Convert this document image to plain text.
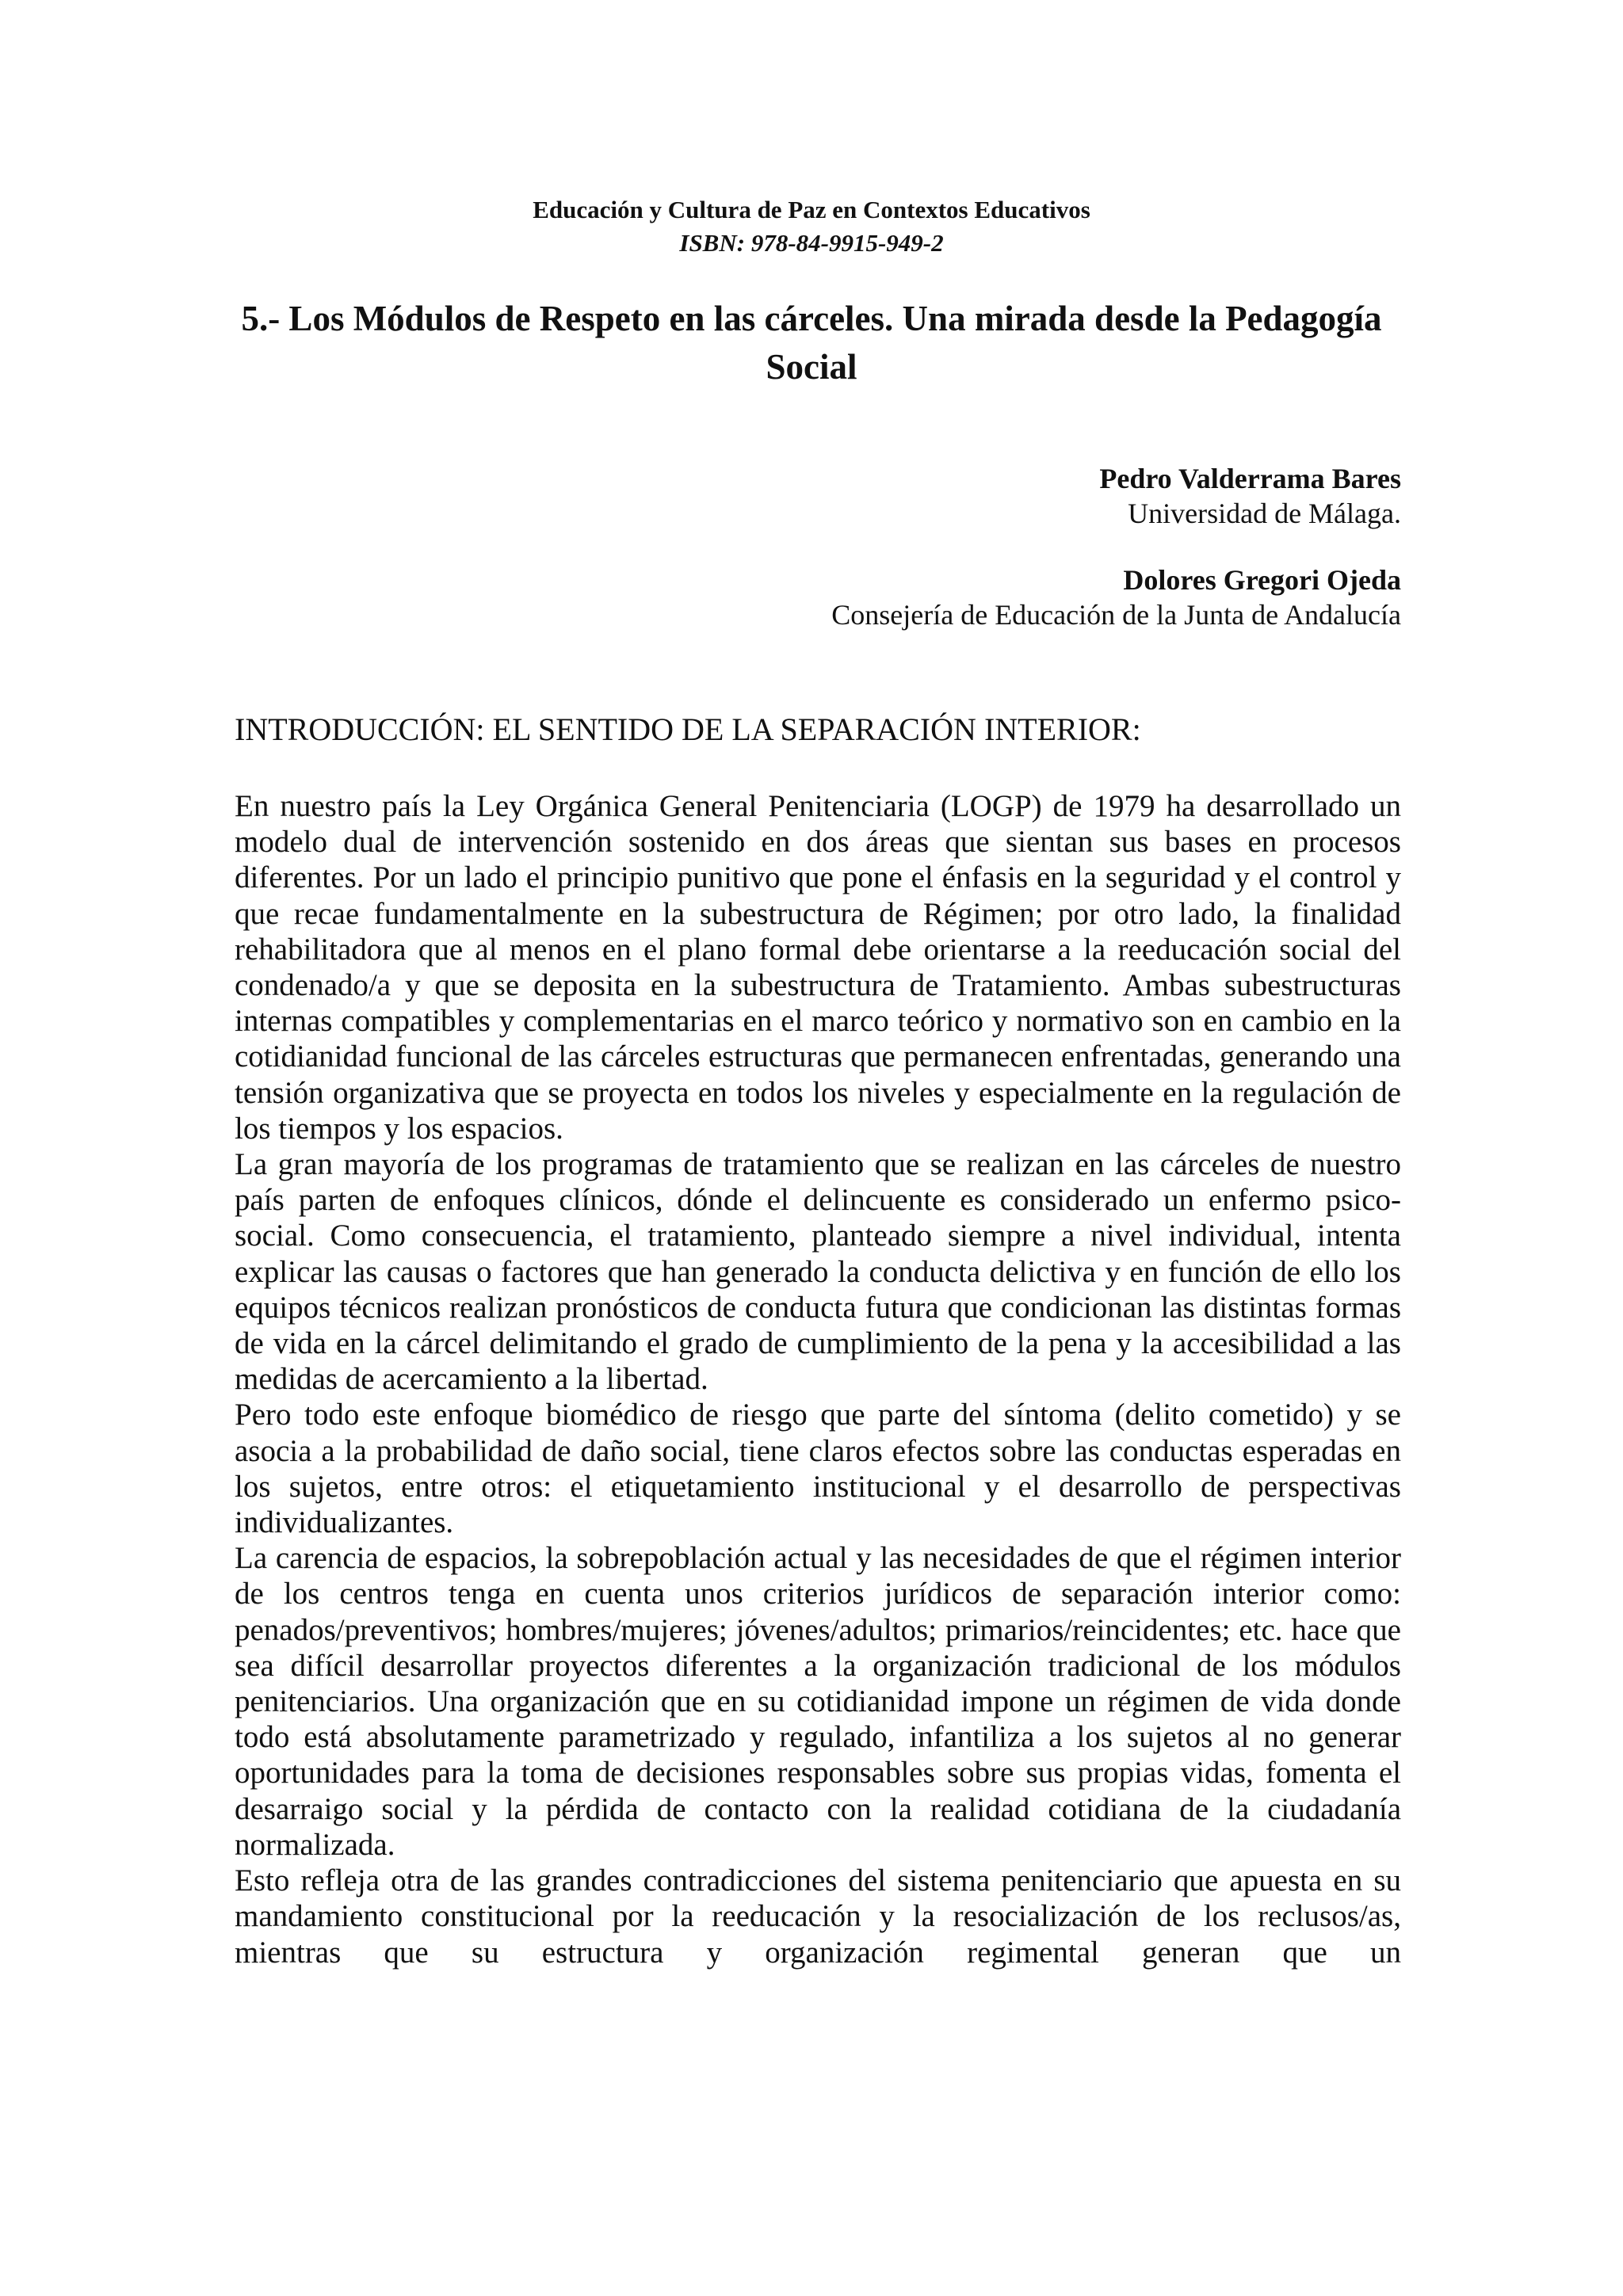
Educación y Cultura de Paz en Contextos Educativos
ISBN: 978-84-9915-949-2
5.- Los Módulos de Respeto en las cárceles. Una mirada desde la Pedagogía Social
Pedro Valderrama Bares
Universidad de Málaga.
Dolores Gregori Ojeda
Consejería de Educación de la Junta de Andalucía
INTRODUCCIÓN: EL SENTIDO DE LA SEPARACIÓN INTERIOR:

En nuestro país la Ley Orgánica General Penitenciaria (LOGP) de 1979 ha desarrollado un modelo dual de intervención sostenido en dos áreas que sientan sus bases en procesos diferentes. Por un lado el principio punitivo que pone el énfasis en la seguridad y el control y que recae fundamentalmente en la subestructura de Régimen; por otro lado, la finalidad rehabilitadora que al menos en el plano formal debe orientarse a la reeducación social del condenado/a y que se deposita en la subestructura de Tratamiento. Ambas subestructuras internas compatibles y complementarias en el marco teórico y normativo son en cambio en la cotidianidad funcional de las cárceles estructuras que permanecen enfrentadas, generando una tensión organizativa que se proyecta en todos los niveles y especialmente en la regulación de los tiempos y los espacios.

La gran mayoría de los programas de tratamiento que se realizan en las cárceles de nuestro país parten de enfoques clínicos, dónde el delincuente es considerado un enfermo psico-social. Como consecuencia, el tratamiento, planteado siempre a nivel individual, intenta explicar las causas o factores que han generado la conducta delictiva y en función de ello los equipos técnicos realizan pronósticos de conducta futura que condicionan las distintas formas de vida en la cárcel delimitando el grado de cumplimiento de la pena y la accesibilidad a las medidas de acercamiento a la libertad.

Pero todo este enfoque biomédico de riesgo que parte del síntoma (delito cometido) y se asocia a la probabilidad de daño social, tiene claros efectos sobre las conductas esperadas en los sujetos, entre otros: el etiquetamiento institucional y el desarrollo de perspectivas individualizantes.

La carencia de espacios, la sobrepoblación actual y las necesidades de que el régimen interior de los centros tenga en cuenta unos criterios jurídicos de separación interior como: penados/preventivos; hombres/mujeres; jóvenes/adultos; primarios/reincidentes; etc. hace que sea difícil desarrollar proyectos diferentes a la organización tradicional de los módulos penitenciarios. Una organización que en su cotidianidad impone un régimen de vida donde todo está absolutamente parametrizado y regulado, infantiliza a los sujetos al no generar oportunidades para la toma de decisiones responsables sobre sus propias vidas, fomenta el desarraigo social y la pérdida de contacto con la realidad cotidiana de la ciudadanía normalizada.

Esto refleja otra de las grandes contradicciones del sistema penitenciario que apuesta en su mandamiento constitucional por la reeducación y la resocialización de los reclusos/as, mientras que su estructura y organización regimental generan que un
